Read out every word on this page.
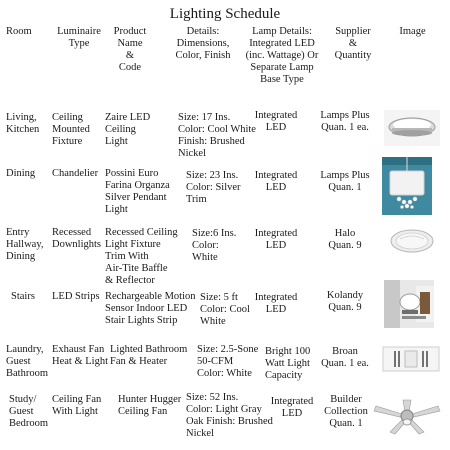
Lighting Schedule
Room	Luminaire
Type
Product
Name
&
Code
Details:
Dimensions,
Color, Finish
Lamp Details:
Integrated LED
(inc. Wattage) Or
Separate Lamp
Base Type
Supplier
&
Quantity
Image
Living,
Kitchen
Ceiling
Mounted
Fixture
Zaire LED
Ceiling
Light
Size: 17 Ins.
Color: Cool White
Finish: Brushed
Nickel
Integrated
LED
Lamps Plus
Quan. 1 ea.
Dining Chandelier Possini Euro
Farina Organza
Silver Pendant
Light
Size: 23 Ins.
Color: Silver
Trim
Integrated
LED
Lamps Plus
Quan. 1
Entry
Hallway,
Dining
Recessed
Downlights
Recessed Ceiling
Light Fixture
Trim With
Air-Tite Baffle
& Reflector
Size:6 Ins.
Color:
White
Integrated
LED
Halo
Quan. 9
Stairs LED Strips Rechargeable Motion
Sensor Indoor LED
Stair Lights Strip
Size: 5 ft
Color: Cool
White
Integrated
LED
Kolandy
Quan. 9
Laundry,
Guest
Bathroom
Exhaust Fan
Heat & Light
Lighted Bathroom
Fan & Heater
Size: 2.5-Sone
50-CFM
Color: White
Bright 100
Watt Light
Capacity
Broan
Quan. 1 ea.
Study/
Guest
Bedroom
Ceiling Fan
With Light
Hunter Hugger
Ceiling Fan
Size: 52 Ins.
Color: Light Gray
Oak Finish: Brushed
Nickel
Integrated
LED
Builder
Collection
Quan. 1
